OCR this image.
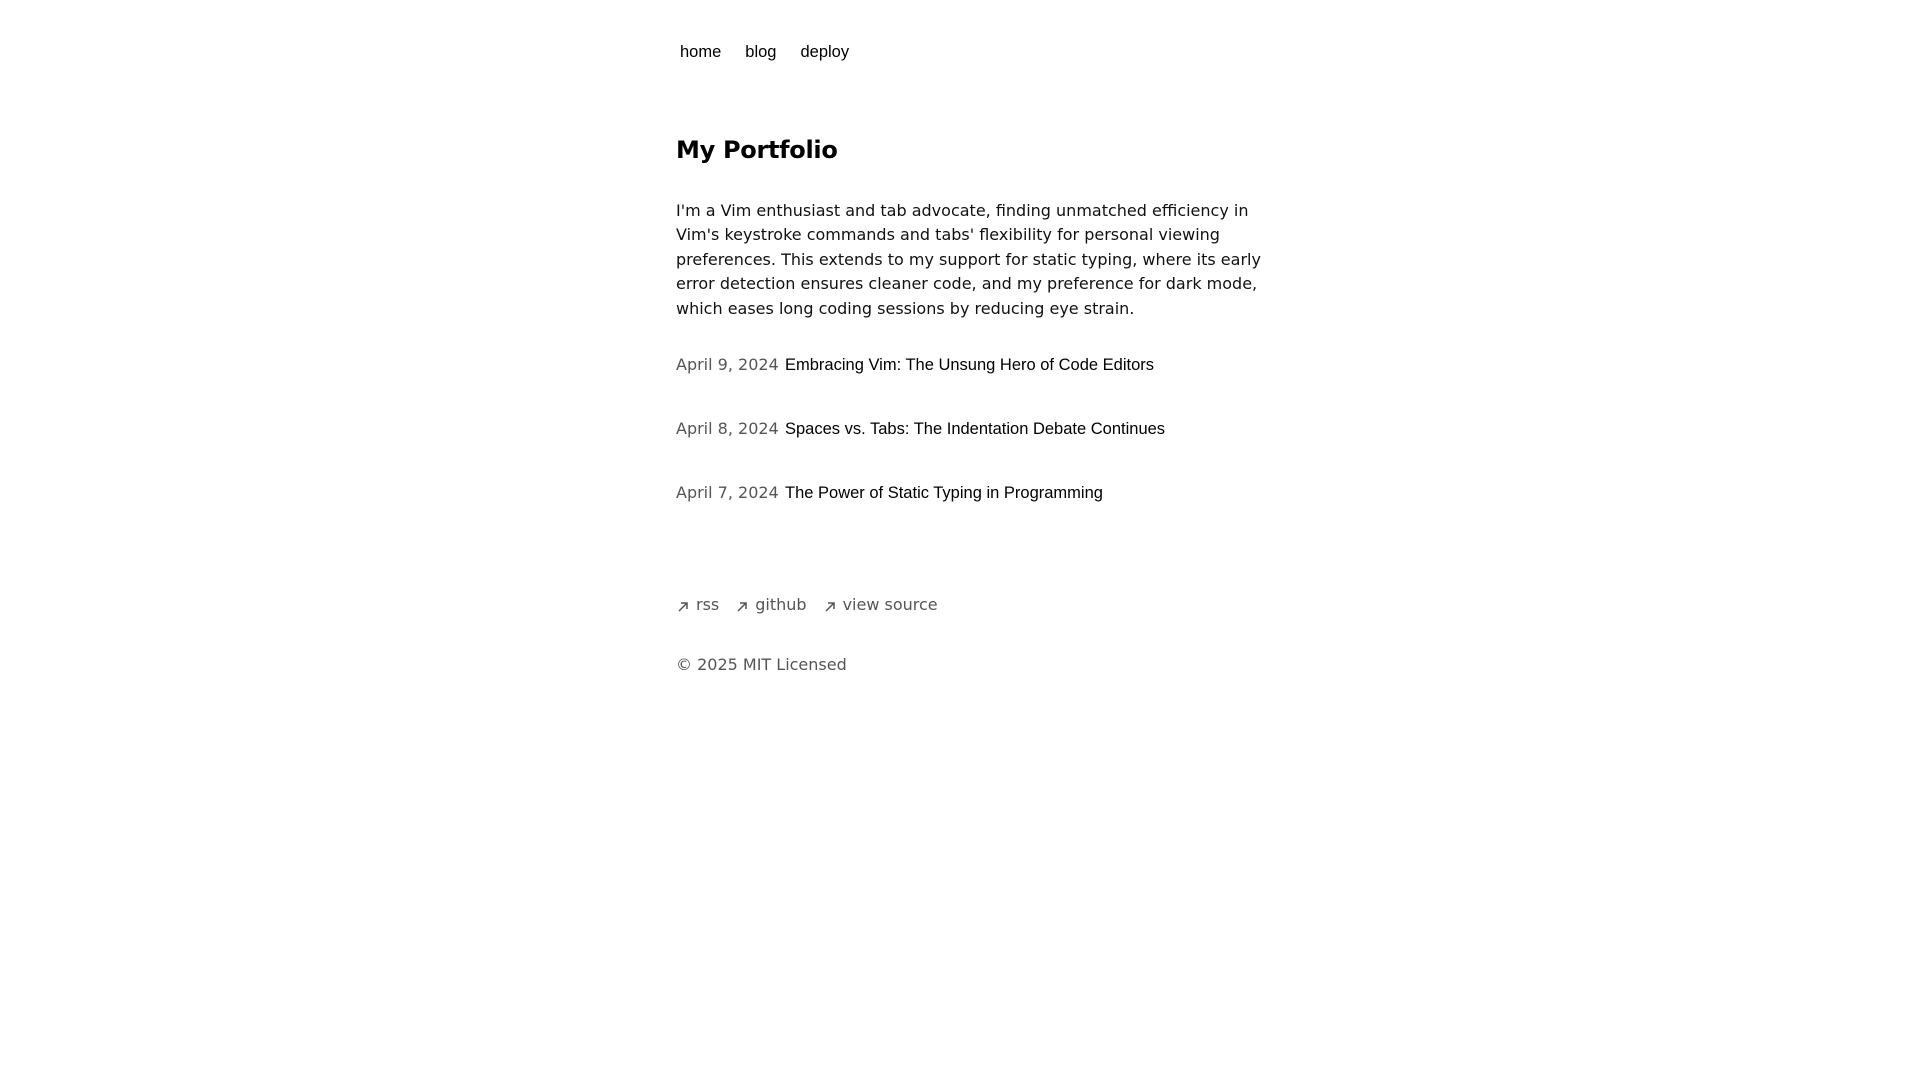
home blog deploy
My Portfolio

I'm a Vim enthusiast and tab advocate, finding unmatched efficiency in Vim's keystroke commands and tabs' flexibility for personal viewing preferences. This extends to my support for static typing, where its early error detection ensures cleaner code, and my preference for dark mode, which eases long coding sessions by reducing eye strain.

April 9, 2024 Embracing Vim: The Unsung Hero of Code Editors
April 8, 2024 Spaces vs. Tabs: The Indentation Debate Continues
April 7, 2024 The Power of Static Typing in Programming
rss github view source

© 2025 MIT Licensed
